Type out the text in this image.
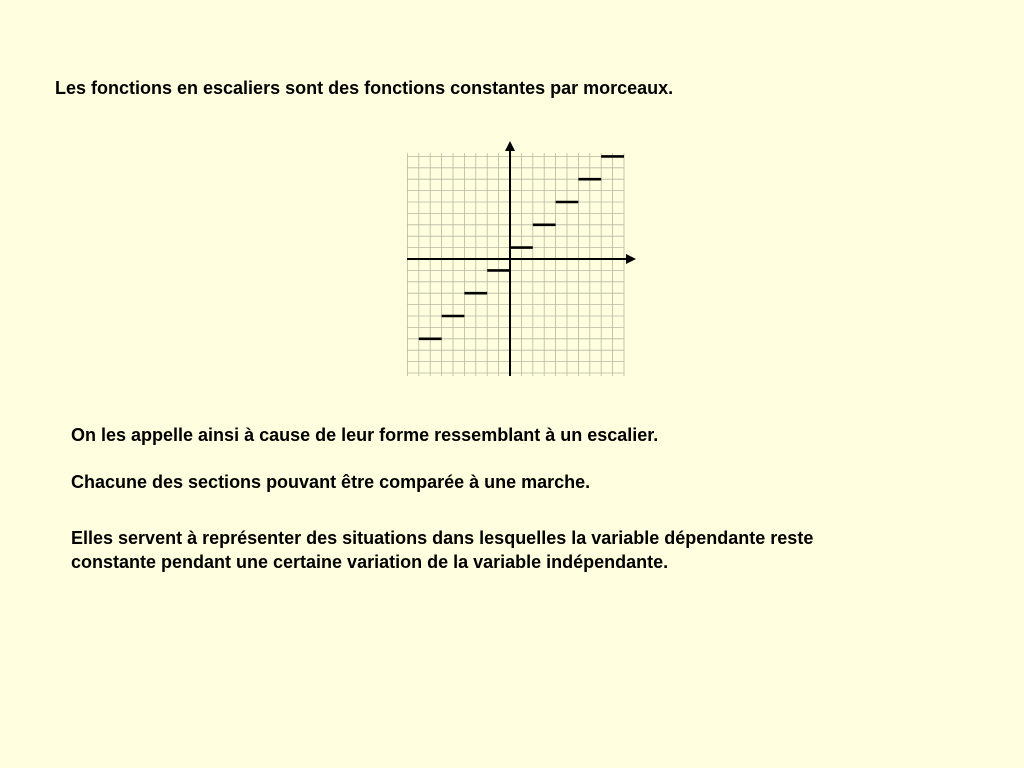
Les fonctions en escaliers sont des fonctions constantes par morceaux.

On les appelle ainsi à cause de leur forme ressemblant à un escalier.

Chacune des sections pouvant être comparée à une marche.

Elles servent à représenter des situations dans lesquelles la variable dépendante reste constante pendant une certaine variation de la variable indépendante.
